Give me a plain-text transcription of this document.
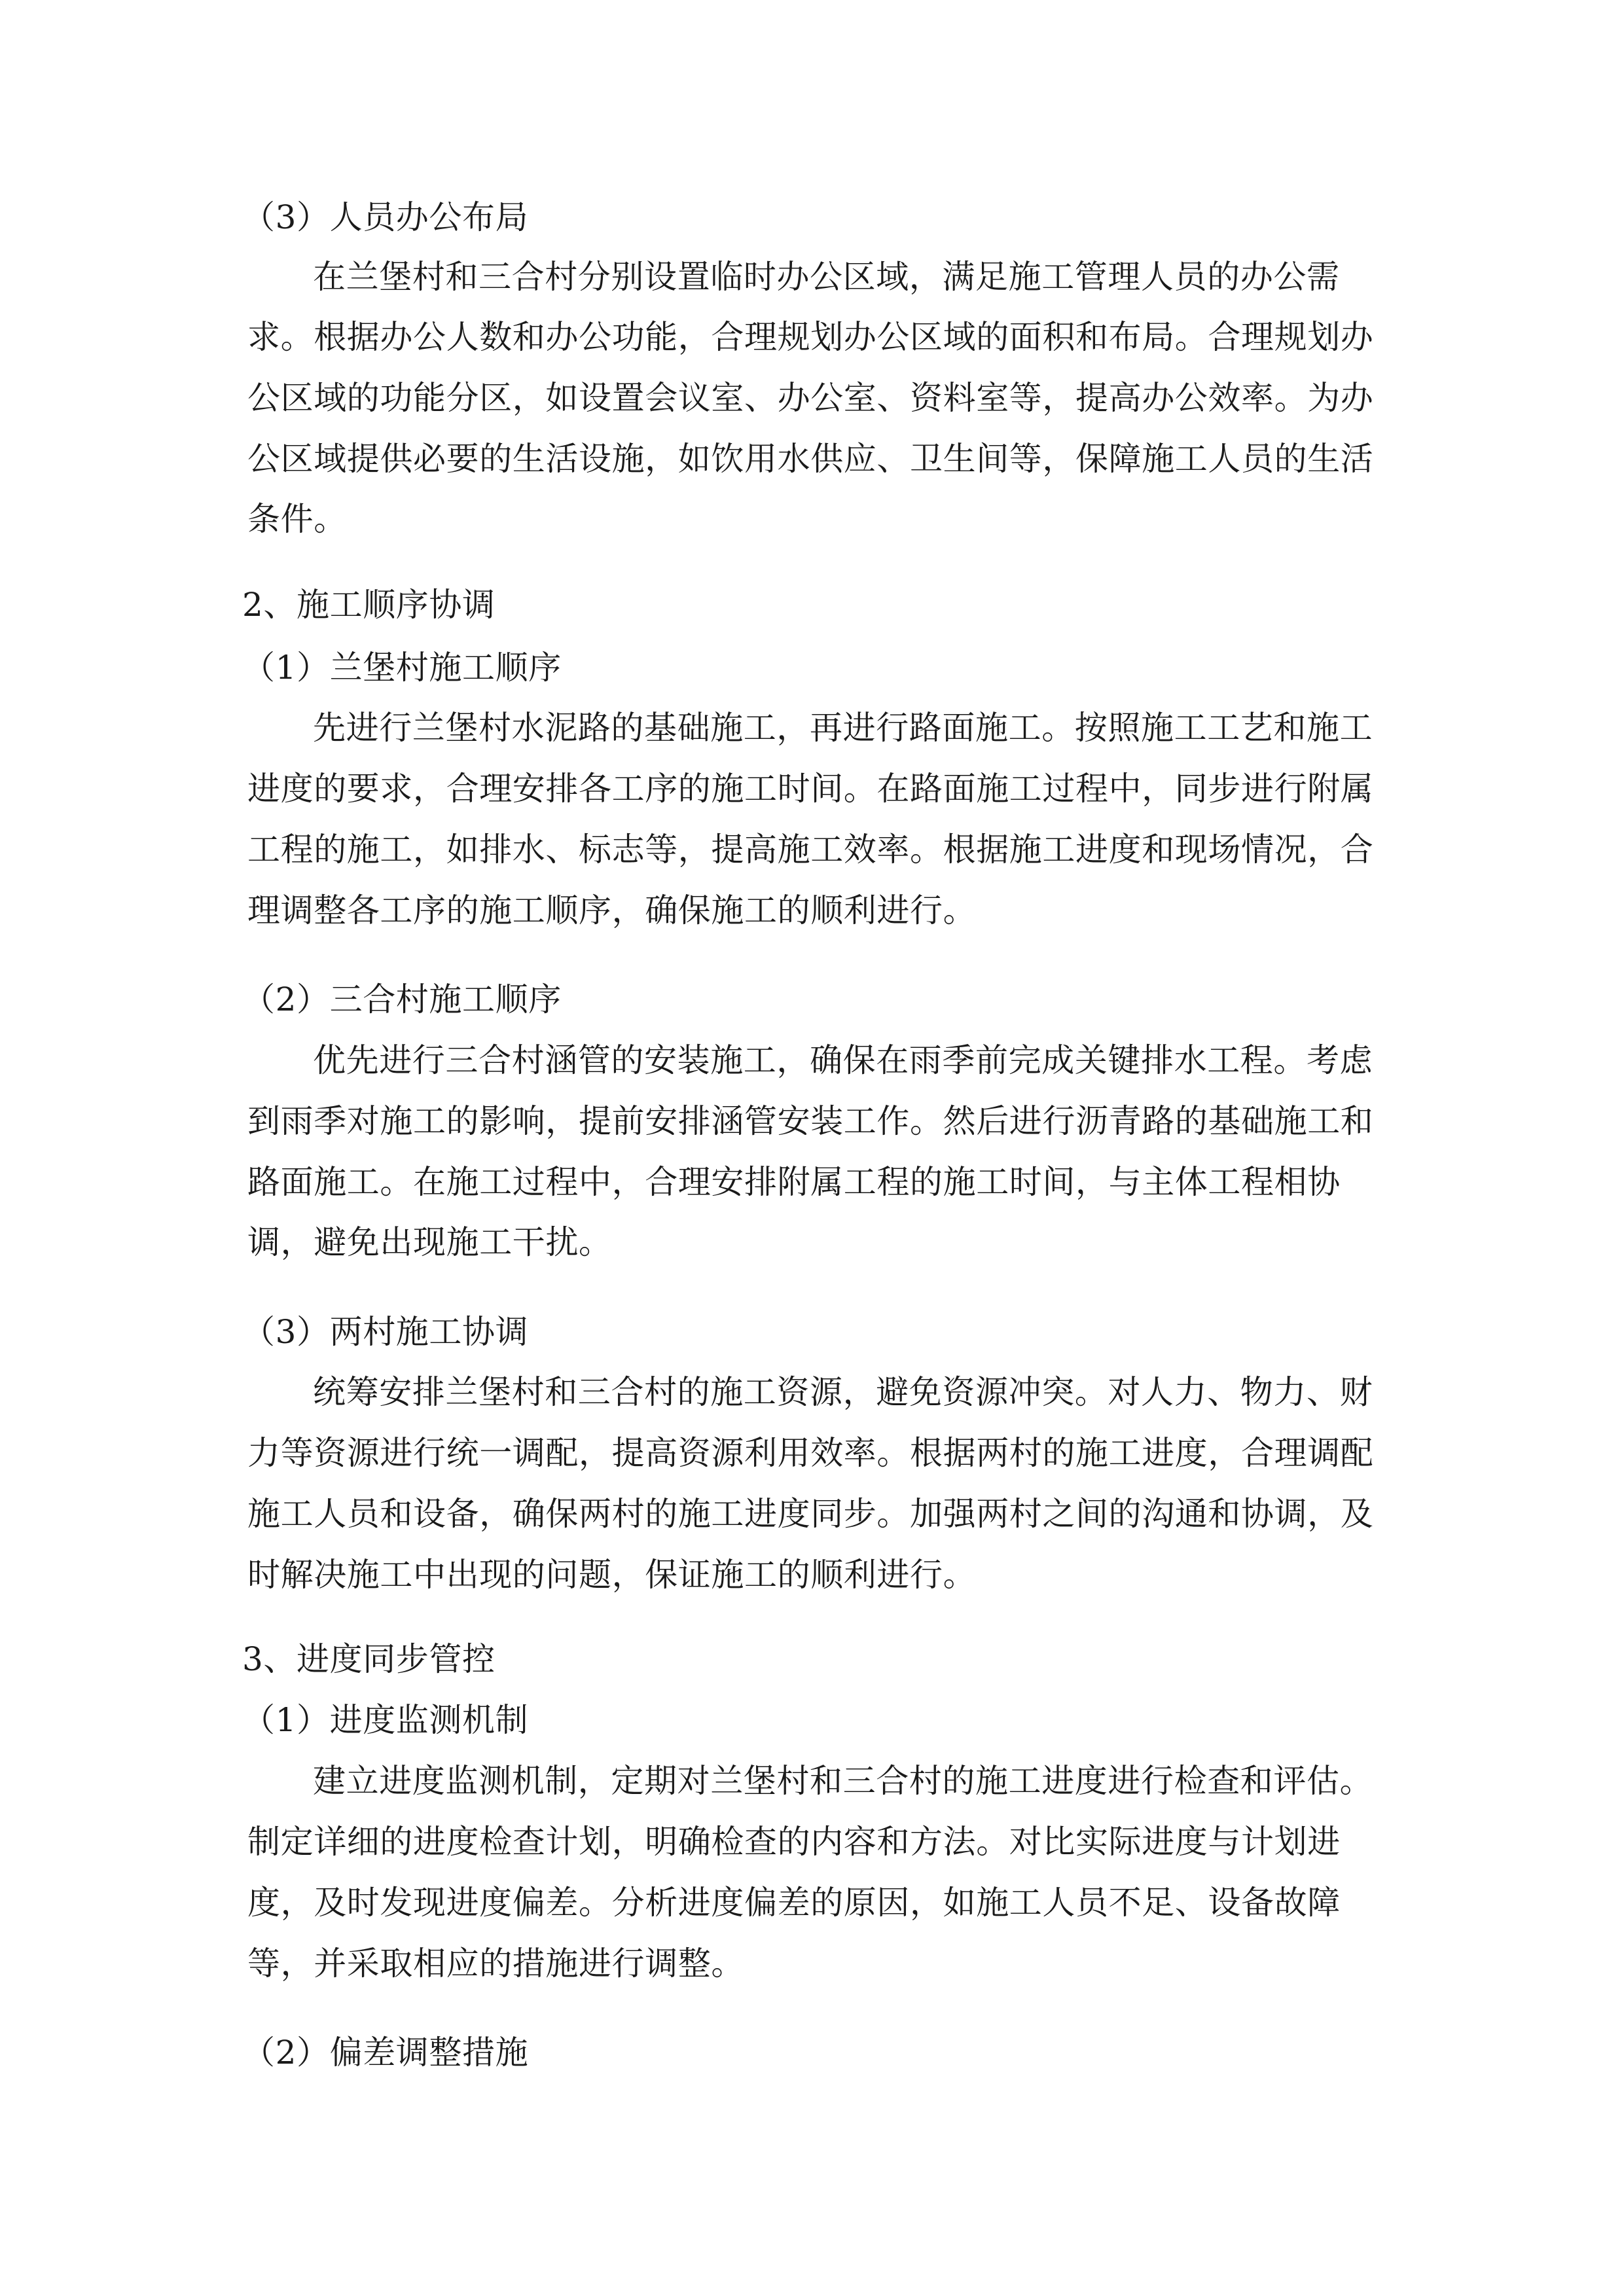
（3）人员办公布局
在兰堡村和三合村分别设置临时办公区域，满足施工管理人员的办公需
求。根据办公人数和办公功能，合理规划办公区域的面积和布局。合理规划办
公区域的功能分区，如设置会议室、办公室、资料室等，提高办公效率。为办
公区域提供必要的生活设施，如饮用水供应、卫生间等，保障施工人员的生活
条件。
2、施工顺序协调
（1）兰堡村施工顺序
先进行兰堡村水泥路的基础施工，再进行路面施工。按照施工工艺和施工
进度的要求，合理安排各工序的施工时间。在路面施工过程中，同步进行附属
工程的施工，如排水、标志等，提高施工效率。根据施工进度和现场情况，合
理调整各工序的施工顺序，确保施工的顺利进行。
（2）三合村施工顺序
优先进行三合村涵管的安装施工，确保在雨季前完成关键排水工程。考虑
到雨季对施工的影响，提前安排涵管安装工作。然后进行沥青路的基础施工和
路面施工。在施工过程中，合理安排附属工程的施工时间，与主体工程相协
调，避免出现施工干扰。
（3）两村施工协调
统筹安排兰堡村和三合村的施工资源，避免资源冲突。对人力、物力、财
力等资源进行统一调配，提高资源利用效率。根据两村的施工进度，合理调配
施工人员和设备，确保两村的施工进度同步。加强两村之间的沟通和协调，及
时解决施工中出现的问题，保证施工的顺利进行。
3、进度同步管控
（1）进度监测机制
建立进度监测机制，定期对兰堡村和三合村的施工进度进行检查和评估。
制定详细的进度检查计划，明确检查的内容和方法。对比实际进度与计划进
度，及时发现进度偏差。分析进度偏差的原因，如施工人员不足、设备故障
等，并采取相应的措施进行调整。
（2）偏差调整措施
